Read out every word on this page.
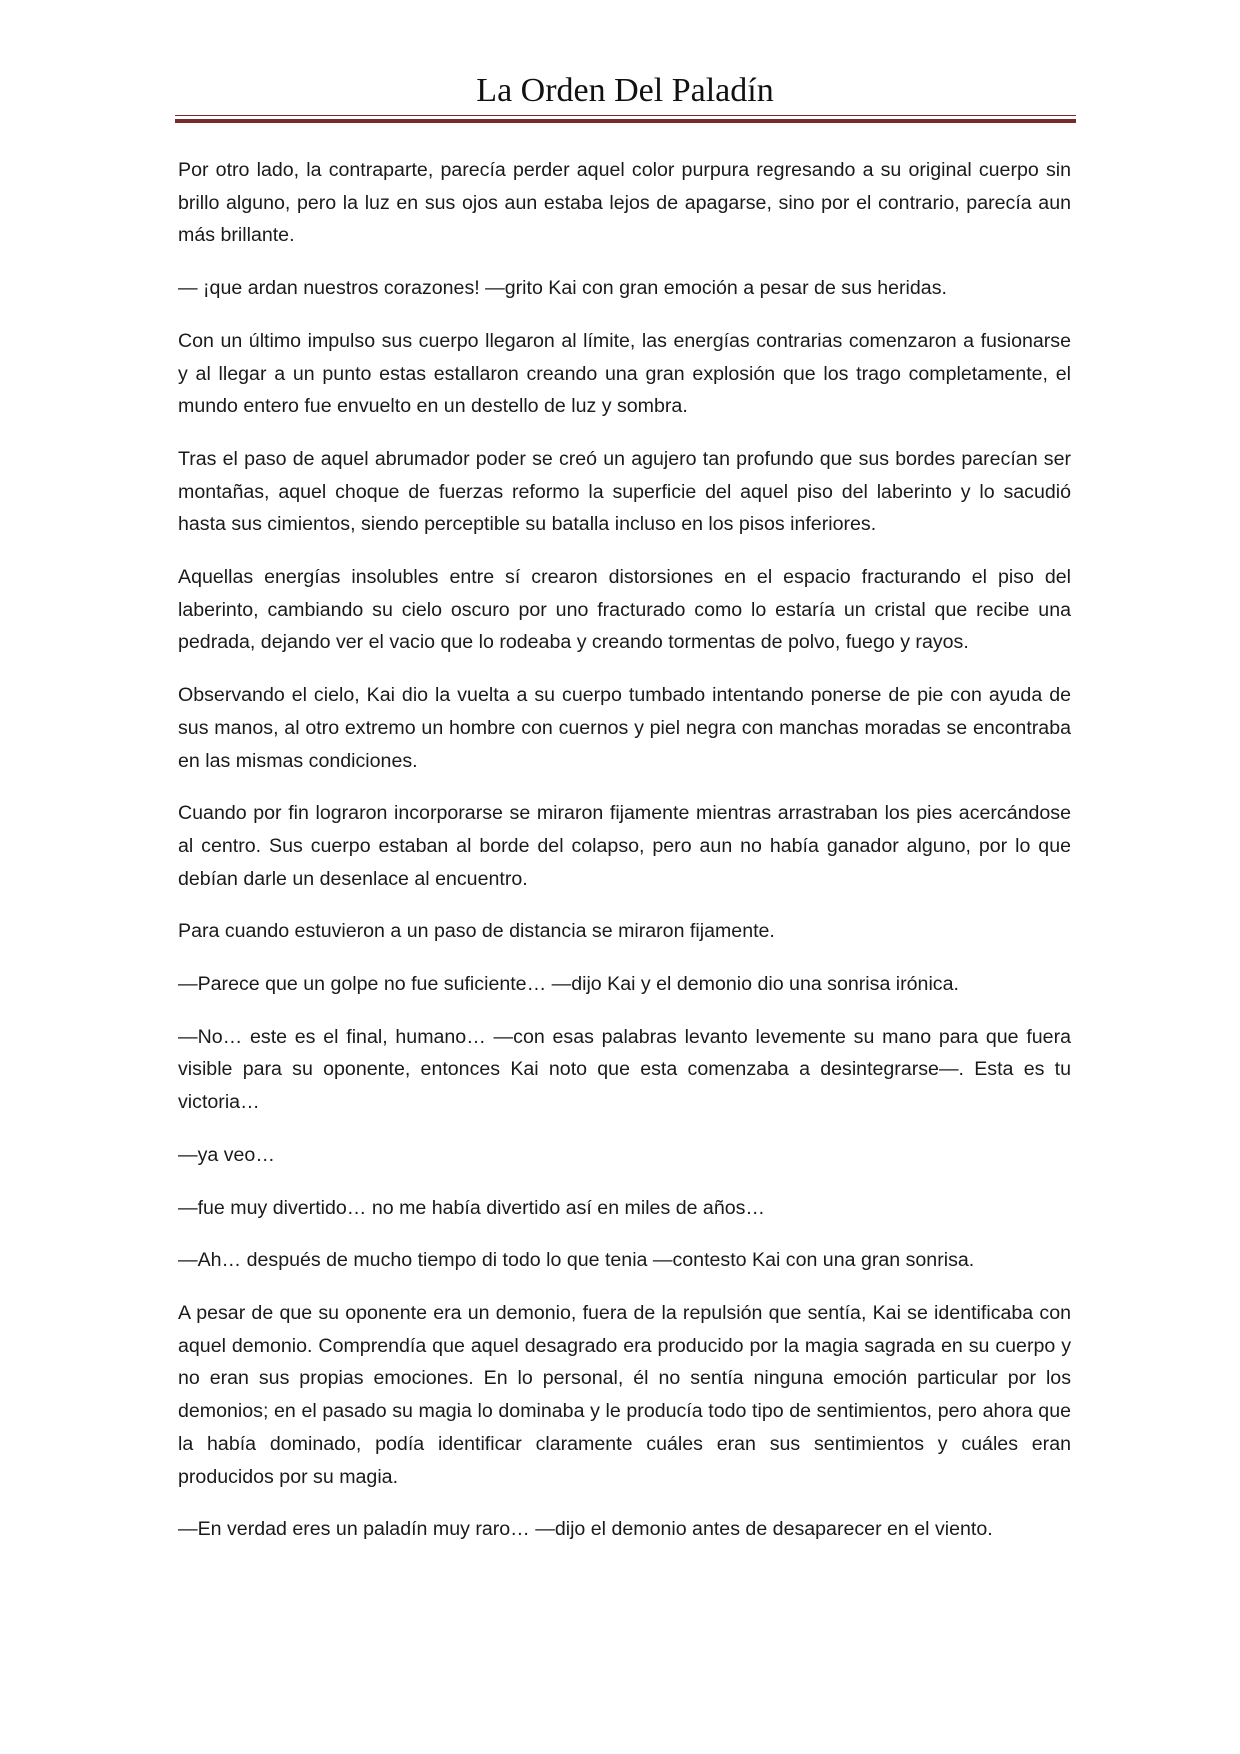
La Orden Del Paladín

Por otro lado, la contraparte, parecía perder aquel color purpura regresando a su original cuerpo sin brillo alguno, pero la luz en sus ojos aun estaba lejos de apagarse, sino por el contrario, parecía aun más brillante.

— ¡que ardan nuestros corazones! —grito Kai con gran emoción a pesar de sus heridas.

Con un último impulso sus cuerpo llegaron al límite, las energías contrarias comenzaron a fusionarse y al llegar a un punto estas estallaron creando una gran explosión que los trago completamente, el mundo entero fue envuelto en un destello de luz y sombra.

Tras el paso de aquel abrumador poder se creó un agujero tan profundo que sus bordes parecían ser montañas, aquel choque de fuerzas reformo la superficie del aquel piso del laberinto y lo sacudió hasta sus cimientos, siendo perceptible su batalla incluso en los pisos inferiores.

Aquellas energías insolubles entre sí crearon distorsiones en el espacio fracturando el piso del laberinto, cambiando su cielo oscuro por uno fracturado como lo estaría un cristal que recibe una pedrada, dejando ver el vacio que lo rodeaba y creando tormentas de polvo, fuego y rayos.

Observando el cielo, Kai dio la vuelta a su cuerpo tumbado intentando ponerse de pie con ayuda de sus manos, al otro extremo un hombre con cuernos y piel negra con manchas moradas se encontraba en las mismas condiciones.

Cuando por fin lograron incorporarse se miraron fijamente mientras arrastraban los pies acercándose al centro. Sus cuerpo estaban al borde del colapso, pero aun no había ganador alguno, por lo que debían darle un desenlace al encuentro.

Para cuando estuvieron a un paso de distancia se miraron fijamente.

—Parece que un golpe no fue suficiente… —dijo Kai y el demonio dio una sonrisa irónica.

—No… este es el final, humano… —con esas palabras levanto levemente su mano para que fuera visible para su oponente, entonces Kai noto que esta comenzaba a desintegrarse—. Esta es tu victoria…

—ya veo…

—fue muy divertido… no me había divertido así en miles de años…

—Ah… después de mucho tiempo di todo lo que tenia —contesto Kai con una gran sonrisa.

A pesar de que su oponente era un demonio, fuera de la repulsión que sentía, Kai se identificaba con aquel demonio. Comprendía que aquel desagrado era producido por la magia sagrada en su cuerpo y no eran sus propias emociones. En lo personal, él no sentía ninguna emoción particular por los demonios; en el pasado su magia lo dominaba y le producía todo tipo de sentimientos, pero ahora que la había dominado, podía identificar claramente cuáles eran sus sentimientos y cuáles eran producidos por su magia.

—En verdad eres un paladín muy raro… —dijo el demonio antes de desaparecer en el viento.
